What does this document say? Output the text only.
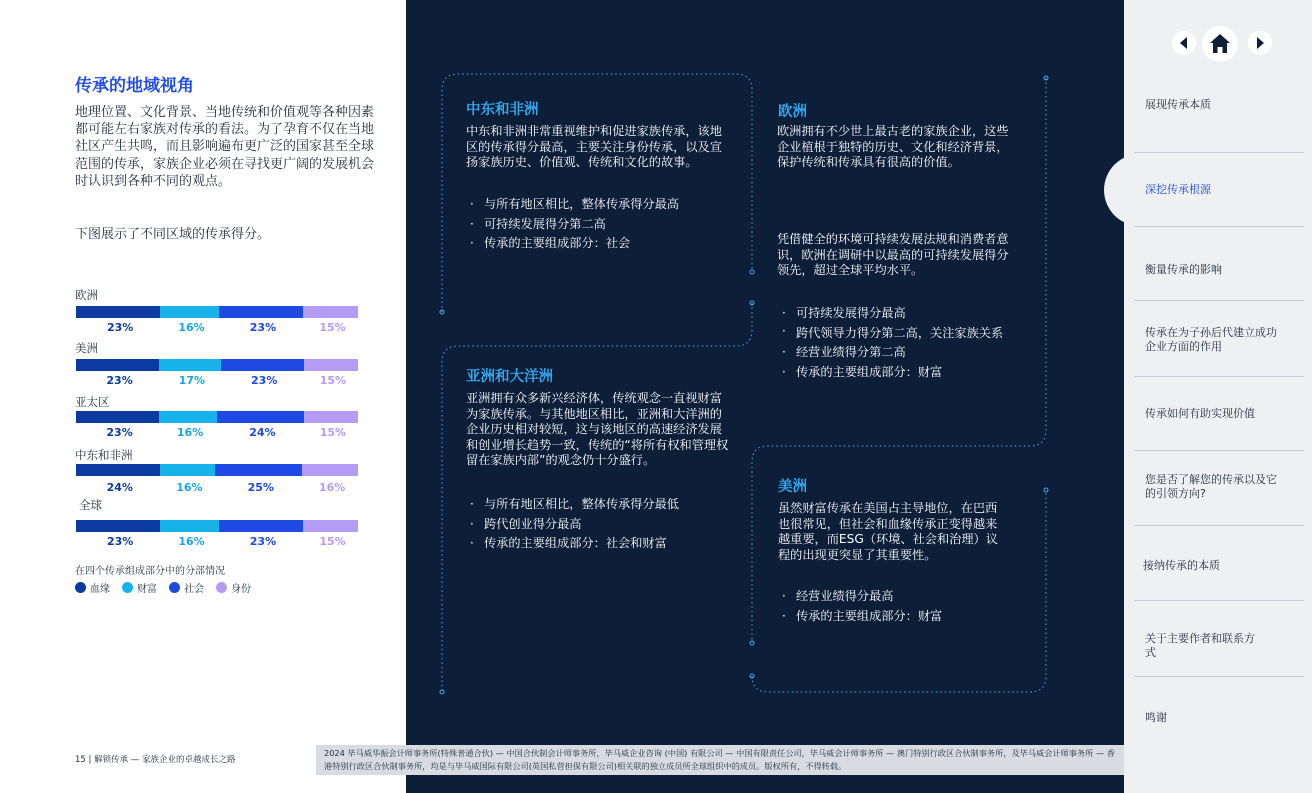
传承的地域视角

地理位置、文化背景、当地传统和价值观等各种因素都可能左右家族对传承的看法。为了孕育不仅在当地社区产生共鸣，而且影响遍布更广泛的国家甚至全球范围的传承，家族企业必须在寻找更广阔的发展机会时认识到各种不同的观点。

下图展示了不同区域的传承得分。

欧洲
23%	16%	23%	15%
美洲
23%	17%	23%	15%
亚太区
23%	16%	24%	15%
中东和非洲
24%	16%	25%	16%
全球
23%	16%	23%	15%
在四个传承组成部分中的分部情况
血缘	财富	社会	身份
15 | 解锁传承 — 家族企业的卓越成长之路
2024 毕马威华振会计师事务所(特殊普通合伙) — 中国合伙制会计师事务所，毕马威企业咨询 (中国) 有限公司 — 中国有限责任公司，毕马威会计师事务所 — 澳门特别行政区合伙制事务所，及毕马威会计师事务所 — 香港特别行政区合伙制事务所，均是与毕马威国际有限公司(英国私营担保有限公司)相关联的独立成员所全球组织中的成员。版权所有，不得转载。
中东和非洲

中东和非洲非常重视维护和促进家族传承，该地区的传承得分最高，主要关注身份传承，以及宣扬家族历史、价值观、传统和文化的故事。

· 与所有地区相比，整体传承得分最高
· 可持续发展得分第二高
· 传承的主要组成部分：社会
欧洲

欧洲拥有不少世上最古老的家族企业，这些企业植根于独特的历史、文化和经济背景，保护传统和传承具有很高的价值。

凭借健全的环境可持续发展法规和消费者意识，欧洲在调研中以最高的可持续发展得分领先，超过全球平均水平。

· 可持续发展得分最高
· 跨代领导力得分第二高，关注家族关系
· 经营业绩得分第二高
· 传承的主要组成部分：财富
亚洲和大洋洲

亚洲拥有众多新兴经济体，传统观念一直视财富为家族传承。与其他地区相比，亚洲和大洋洲的企业历史相对较短，这与该地区的高速经济发展和创业增长趋势一致，传统的“将所有权和管理权留在家族内部”的观念仍十分盛行。

· 与所有地区相比，整体传承得分最低
· 跨代创业得分最高
· 传承的主要组成部分：社会和财富
美洲

虽然财富传承在美国占主导地位，在巴西也很常见，但社会和血缘传承正变得越来越重要，而ESG（环境、社会和治理）议程的出现更突显了其重要性。

· 经营业绩得分最高
· 传承的主要组成部分：财富
展现传承本质
深挖传承根源
衡量传承的影响
传承在为子孙后代建立成功企业方面的作用
传承如何有助实现价值
您是否了解您的传承以及它的引领方向?
接纳传承的本质
关于主要作者和联系方式
鸣谢
